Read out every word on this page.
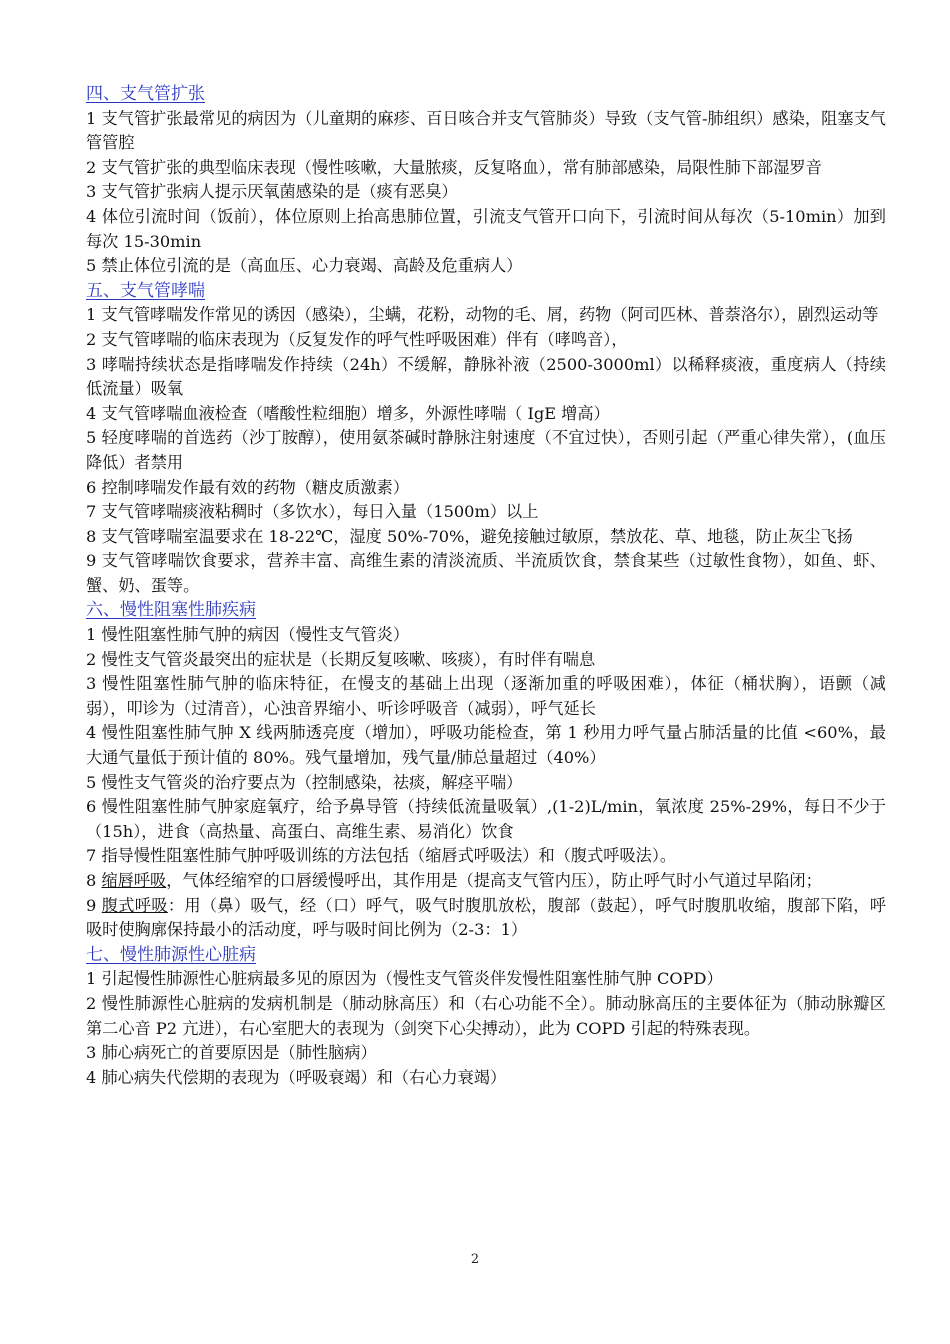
四、支气管扩张
1 支气管扩张最常见的病因为（儿童期的麻疹、百日咳合并支气管肺炎）导致（支气管-肺组织）感染，阻塞支气管管腔
2 支气管扩张的典型临床表现（慢性咳嗽，大量脓痰，反复咯血），常有肺部感染，局限性肺下部湿罗音
3 支气管扩张病人提示厌氧菌感染的是（痰有恶臭）
4 体位引流时间（饭前），体位原则上抬高患肺位置，引流支气管开口向下，引流时间从每次（5-10min）加到每次 15-30min
5 禁止体位引流的是（高血压、心力衰竭、高龄及危重病人）
五、支气管哮喘
1 支气管哮喘发作常见的诱因（感染），尘螨，花粉，动物的毛、屑，药物（阿司匹林、普萘洛尔），剧烈运动等
2 支气管哮喘的临床表现为（反复发作的呼气性呼吸困难）伴有（哮鸣音），
3 哮喘持续状态是指哮喘发作持续（24h）不缓解，静脉补液（2500-3000ml）以稀释痰液，重度病人（持续低流量）吸氧
4 支气管哮喘血液检查（嗜酸性粒细胞）增多，外源性哮喘（ IgE 增高）
5 轻度哮喘的首选药（沙丁胺醇），使用氨茶碱时静脉注射速度（不宜过快），否则引起（严重心律失常），(血压降低）者禁用
6 控制哮喘发作最有效的药物（糖皮质激素）
7 支气管哮喘痰液粘稠时（多饮水），每日入量（1500m）以上
8 支气管哮喘室温要求在 18-22℃，湿度 50%-70%，避免接触过敏原，禁放花、草、地毯，防止灰尘飞扬
9 支气管哮喘饮食要求，营养丰富、高维生素的清淡流质、半流质饮食，禁食某些（过敏性食物），如鱼、虾、蟹、奶、蛋等。
六、慢性阻塞性肺疾病
1 慢性阻塞性肺气肿的病因（慢性支气管炎）
2 慢性支气管炎最突出的症状是（长期反复咳嗽、咳痰），有时伴有喘息
3 慢性阻塞性肺气肿的临床特征，在慢支的基础上出现（逐渐加重的呼吸困难），体征（桶状胸），语颤（减弱），叩诊为（过清音），心浊音界缩小、听诊呼吸音（减弱），呼气延长
4 慢性阻塞性肺气肿 X 线两肺透亮度（增加），呼吸功能检查，第 1 秒用力呼气量占肺活量的比值 <60%，最大通气量低于预计值的 80%。残气量增加，残气量/肺总量超过（40%）
5 慢性支气管炎的治疗要点为（控制感染，祛痰，解痉平喘）
6 慢性阻塞性肺气肿家庭氧疗，给予鼻导管（持续低流量吸氧）,(1-2)L/min，氧浓度 25%-29%，每日不少于（15h），进食（高热量、高蛋白、高维生素、易消化）饮食
7 指导慢性阻塞性肺气肿呼吸训练的方法包括（缩唇式呼吸法）和（腹式呼吸法）。
8 缩唇呼吸，气体经缩窄的口唇缓慢呼出，其作用是（提高支气管内压），防止呼气时小气道过早陷闭；
9 腹式呼吸：用（鼻）吸气，经（口）呼气，吸气时腹肌放松，腹部（鼓起），呼气时腹肌收缩，腹部下陷，呼吸时使胸廓保持最小的活动度，呼与吸时间比例为（2-3：1）
七、慢性肺源性心脏病
1 引起慢性肺源性心脏病最多见的原因为（慢性支气管炎伴发慢性阻塞性肺气肿 COPD）
2 慢性肺源性心脏病的发病机制是（肺动脉高压）和（右心功能不全）。肺动脉高压的主要体征为（肺动脉瓣区第二心音 P2 亢进），右心室肥大的表现为（剑突下心尖搏动），此为 COPD 引起的特殊表现。
3 肺心病死亡的首要原因是（肺性脑病）
4 肺心病失代偿期的表现为（呼吸衰竭）和（右心力衰竭）
2
